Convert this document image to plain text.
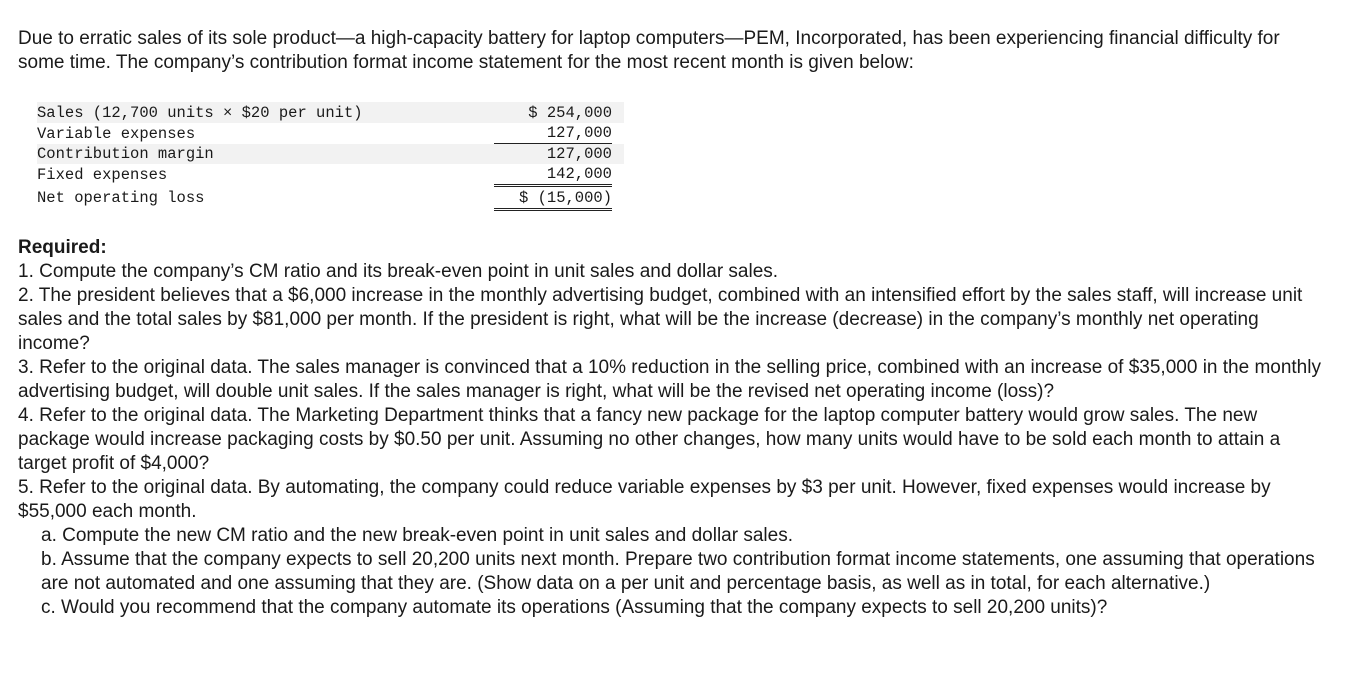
Due to erratic sales of its sole product—a high-capacity battery for laptop computers—PEM, Incorporated, has been experiencing financial difficulty for some time. The company’s contribution format income statement for the most recent month is given below:

Sales (12,700 units × $20 per unit)	$ 254,000
Variable expenses	127,000
Contribution margin	127,000
Fixed expenses	142,000
Net operating loss	$ (15,000)
Required:

1. Compute the company’s CM ratio and its break-even point in unit sales and dollar sales.

2. The president believes that a $6,000 increase in the monthly advertising budget, combined with an intensified effort by the sales staff, will increase unit sales and the total sales by $81,000 per month. If the president is right, what will be the increase (decrease) in the company’s monthly net operating income?

3. Refer to the original data. The sales manager is convinced that a 10% reduction in the selling price, combined with an increase of $35,000 in the monthly advertising budget, will double unit sales. If the sales manager is right, what will be the revised net operating income (loss)?

4. Refer to the original data. The Marketing Department thinks that a fancy new package for the laptop computer battery would grow sales. The new package would increase packaging costs by $0.50 per unit. Assuming no other changes, how many units would have to be sold each month to attain a target profit of $4,000?

5. Refer to the original data. By automating, the company could reduce variable expenses by $3 per unit. However, fixed expenses would increase by $55,000 each month.

a. Compute the new CM ratio and the new break-even point in unit sales and dollar sales.

b. Assume that the company expects to sell 20,200 units next month. Prepare two contribution format income statements, one assuming that operations are not automated and one assuming that they are. (Show data on a per unit and percentage basis, as well as in total, for each alternative.)

c. Would you recommend that the company automate its operations (Assuming that the company expects to sell 20,200 units)?
